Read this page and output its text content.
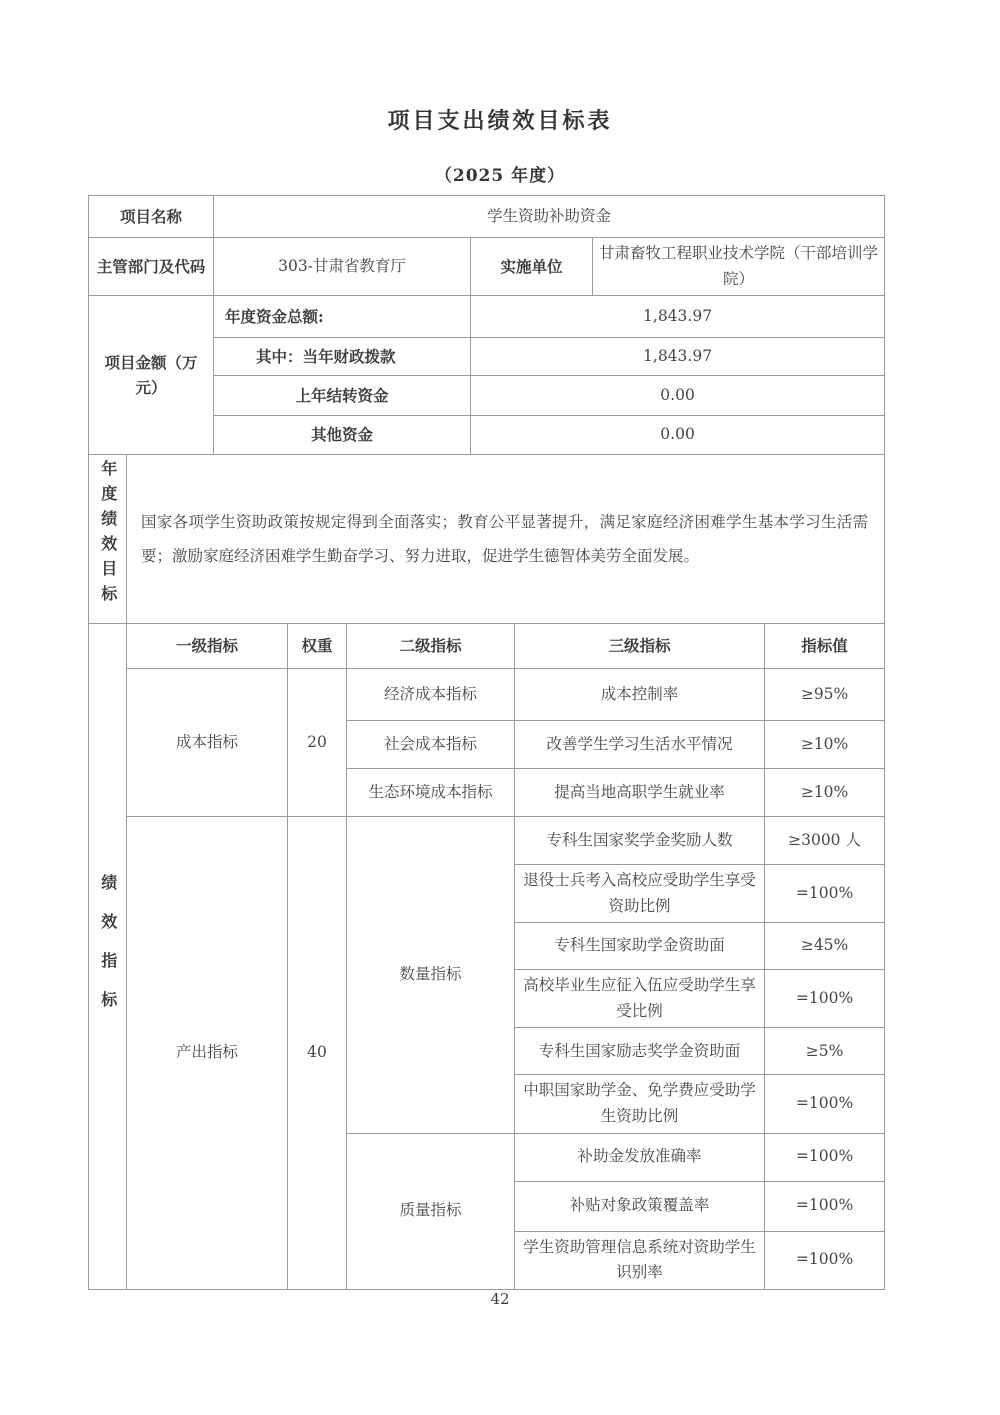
项目支出绩效目标表
（2025 年度）
项目名称		学生资助补助资金						
主管部门及代码		303-甘肃省教育厅			实施单位		甘肃畜牧工程职业技术学院（干部培训学院）	
项目金额（万元）		年度资金总额:			1,843.97			
		其中：当年财政拨款			1,843.97			
		上年结转资金			0.00			
		其他资金			0.00			
年度绩效目标	国家各项学生资助政策按规定得到全面落实；教育公平显著提升，满足家庭经济困难学生基本学习生活需要；激励家庭经济困难学生勤奋学习、努力进取，促进学生德智体美劳全面发展。							
绩效指标	一级指标		权重	二级指标		三级指标		指标值
	成本指标		20	经济成本指标		成本控制率		≥95%
				社会成本指标		改善学生学习生活水平情况		≥10%
				生态环境成本指标		提高当地高职学生就业率		≥10%
	产出指标		40	数量指标		专科生国家奖学金奖励人数		≥3000 人
						退役士兵考入高校应受助学生享受资助比例		=100%
						专科生国家助学金资助面		≥45%
						高校毕业生应征入伍应受助学生享受比例		=100%
						专科生国家励志奖学金资助面		≥5%
						中职国家助学金、免学费应受助学生资助比例		=100%
				质量指标		补助金发放准确率		=100%
						补贴对象政策覆盖率		=100%
						学生资助管理信息系统对资助学生识别率		=100%
42
